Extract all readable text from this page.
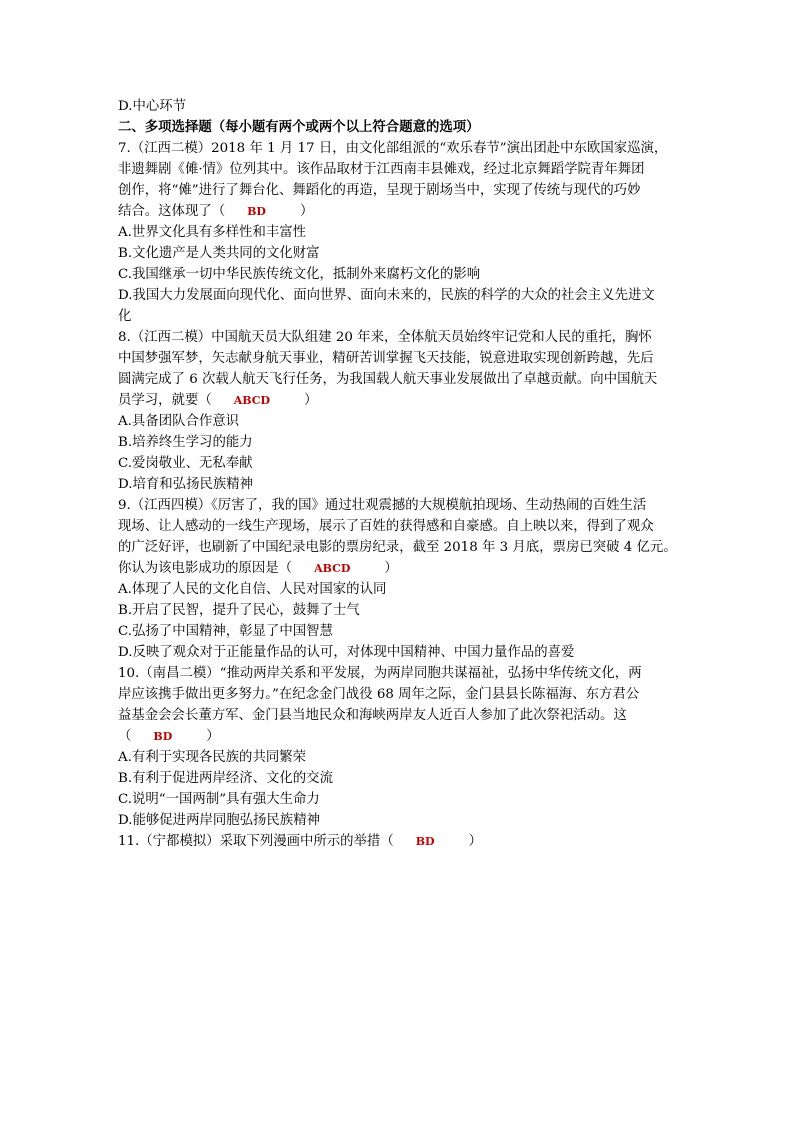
D.中心环节
二、多项选择题（每小题有两个或两个以上符合题意的选项）
7.（江西二模）2018 年 1 月 17 日，由文化部组派的“欢乐春节”演出团赴中东欧国家巡演，
非遗舞剧《傩·情》位列其中。该作品取材于江西南丰县傩戏，经过北京舞蹈学院青年舞团
创作，将“傩”进行了舞台化、舞蹈化的再造，呈现于剧场当中，实现了传统与现代的巧妙
结合。这体现了（ BD	）
A.世界文化具有多样性和丰富性
B.文化遗产是人类共同的文化财富
C.我国继承一切中华民族传统文化，抵制外来腐朽文化的影响
D.我国大力发展面向现代化、面向世界、面向未来的，民族的科学的大众的社会主义先进文
化
8.（江西二模）中国航天员大队组建 20 年来，全体航天员始终牢记党和人民的重托，胸怀
中国梦强军梦，矢志献身航天事业，精研苦训掌握飞天技能，锐意进取实现创新跨越，先后
圆满完成了 6 次载人航天飞行任务，为我国载人航天事业发展做出了卓越贡献。向中国航天
员学习，就要（ ABCD	）
A.具备团队合作意识
B.培养终生学习的能力
C.爱岗敬业、无私奉献
D.培育和弘扬民族精神
9.（江西四模）《厉害了，我的国》通过壮观震撼的大规模航拍现场、生动热闹的百姓生活
现场、让人感动的一线生产现场，展示了百姓的获得感和自豪感。自上映以来，得到了观众
的广泛好评，也刷新了中国纪录电影的票房纪录，截至 2018 年 3 月底，票房已突破 4 亿元。
你认为该电影成功的原因是（ ABCD	）
A.体现了人民的文化自信、人民对国家的认同
B.开启了民智，提升了民心，鼓舞了士气
C.弘扬了中国精神，彰显了中国智慧
D.反映了观众对于正能量作品的认可，对体现中国精神、中国力量作品的喜爱
10.（南昌二模）“推动两岸关系和平发展，为两岸同胞共谋福祉，弘扬中华传统文化，两
岸应该携手做出更多努力。”在纪念金门战役 68 周年之际，金门县县长陈福海、东方君公
益基金会会长董方军、金门县当地民众和海峡两岸友人近百人参加了此次祭祀活动。这
（ BD	）
A.有利于实现各民族的共同繁荣
B.有利于促进两岸经济、文化的交流
C.说明“一国两制”具有强大生命力
D.能够促进两岸同胞弘扬民族精神
11.（宁都模拟）采取下列漫画中所示的举措（ BD	）
